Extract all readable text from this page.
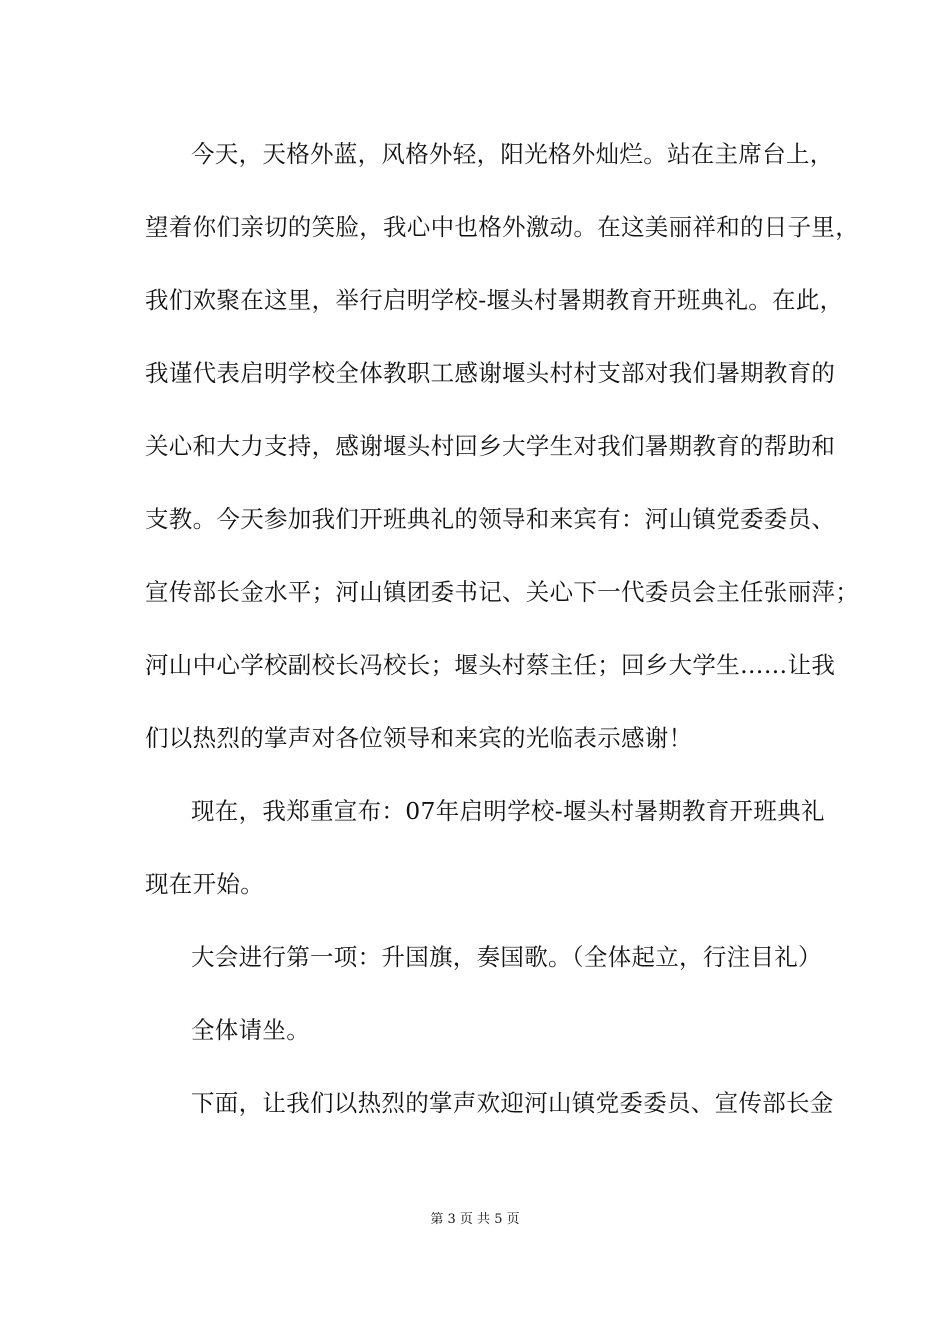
今天，天格外蓝，风格外轻，阳光格外灿烂。站在主席台上，
望着你们亲切的笑脸，我心中也格外激动。在这美丽祥和的日子里，
我们欢聚在这里，举行启明学校-堰头村暑期教育开班典礼。在此，
我谨代表启明学校全体教职工感谢堰头村村支部对我们暑期教育的
关心和大力支持，感谢堰头村回乡大学生对我们暑期教育的帮助和
支教。今天参加我们开班典礼的领导和来宾有：河山镇党委委员、
宣传部长金水平；河山镇团委书记、关心下一代委员会主任张丽萍；
河山中心学校副校长冯校长；堰头村蔡主任；回乡大学生……让我
们以热烈的掌声对各位领导和来宾的光临表示感谢！
现在，我郑重宣布：07年启明学校-堰头村暑期教育开班典礼
现在开始。
大会进行第一项：升国旗，奏国歌。（全体起立，行注目礼）
全体请坐。
下面，让我们以热烈的掌声欢迎河山镇党委委员、宣传部长金
第 3 页 共 5 页
